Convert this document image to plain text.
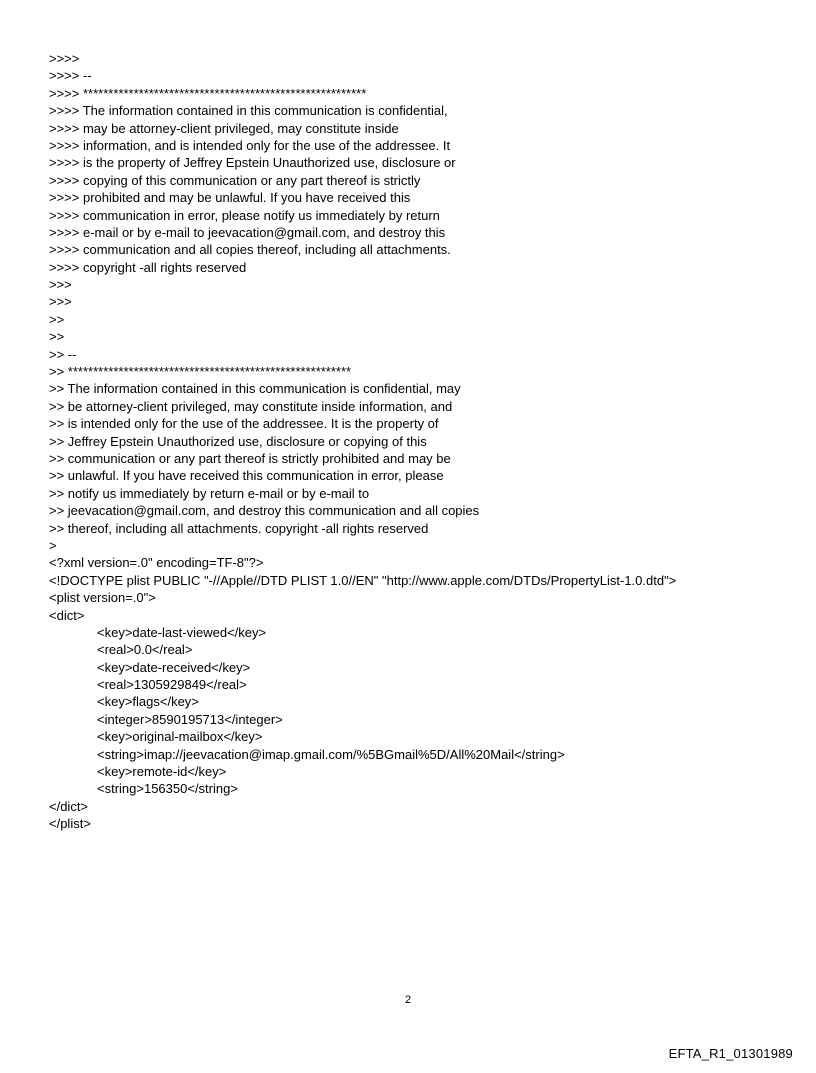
>>>>
>>>> --
>>>> ********************************************************
>>>> The information contained in this communication is confidential,
>>>> may be attorney-client privileged, may constitute inside
>>>> information, and is intended only for the use of the addressee. It
>>>> is the property of Jeffrey Epstein Unauthorized use, disclosure or
>>>> copying of this communication or any part thereof is strictly
>>>> prohibited and may be unlawful. If you have received this
>>>> communication in error, please notify us immediately by return
>>>> e-mail or by e-mail to jeevacation@gmail.com, and destroy this
>>>> communication and all copies thereof, including all attachments.
>>>> copyright -all rights reserved
>>>
>>>
>>
>>
>> --
>> ********************************************************
>> The information contained in this communication is confidential, may
>> be attorney-client privileged, may constitute inside information, and
>> is intended only for the use of the addressee. It is the property of
>> Jeffrey Epstein Unauthorized use, disclosure or copying of this
>> communication or any part thereof is strictly prohibited and may be
>> unlawful. If you have received this communication in error, please
>> notify us immediately by return e-mail or by e-mail to
>> jeevacation@gmail.com, and destroy this communication and all copies
>> thereof, including all attachments. copyright -all rights reserved
>
<?xml version=.0" encoding=TF-8"?>
<!DOCTYPE plist PUBLIC "-//Apple//DTD PLIST 1.0//EN" "http://www.apple.com/DTDs/PropertyList-1.0.dtd">
<plist version=.0">
<dict>
<key>date-last-viewed</key>
<real>0.0</real>
<key>date-received</key>
<real>1305929849</real>
<key>flags</key>
<integer>8590195713</integer>
<key>original-mailbox</key>
<string>imap://jeevacation@imap.gmail.com/%5BGmail%5D/All%20Mail</string>
<key>remote-id</key>
<string>156350</string>
</dict>
</plist>
2
EFTA_R1_01301989
